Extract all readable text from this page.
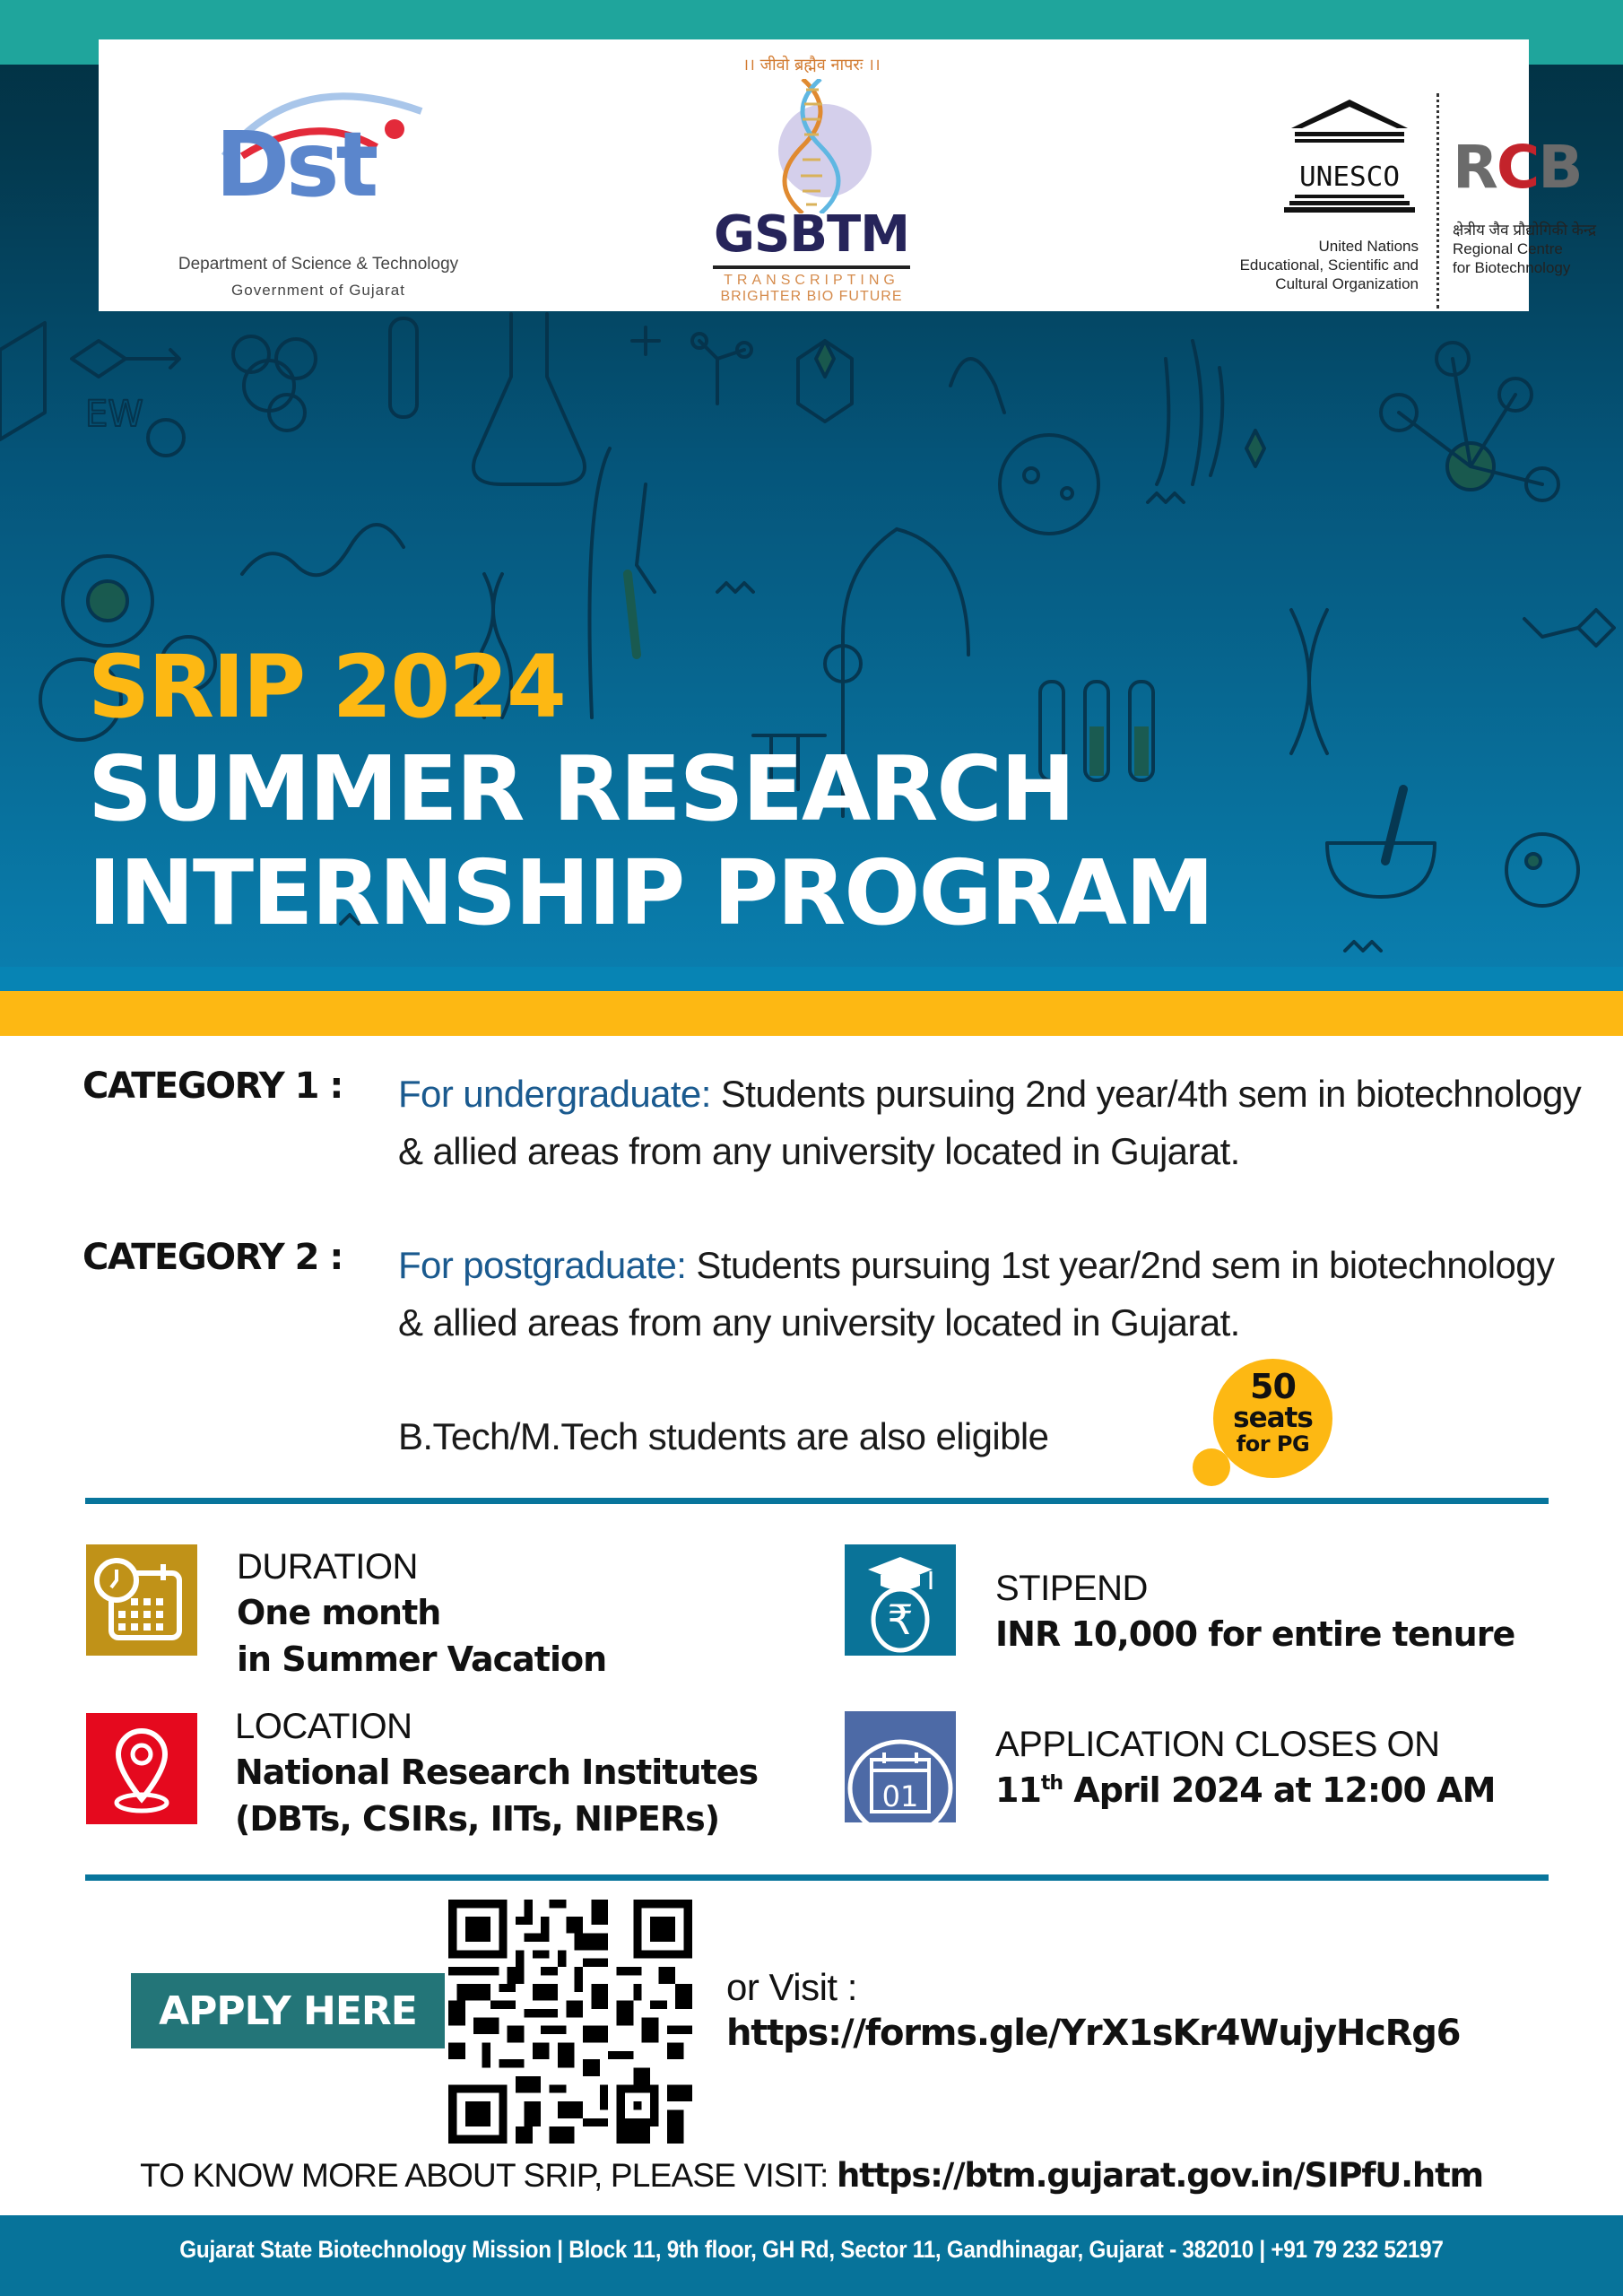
EW
Dst
Department of Science & Technology
Government of Gujarat
।। जीवो ब्रह्मैव नापरः ।।
GSBTM
TRANSCRIPTING
BRIGHTER BIO FUTURE
UNESCO
United Nations
Educational, Scientific and
Cultural Organization
RCB
क्षेत्रीय जैव प्रौद्योगिकी केन्द्र
Regional Centre
for Biotechnology
SRIP 2024
SUMMER RESEARCH
INTERNSHIP PROGRAM
CATEGORY 1 : For undergraduate: Students pursuing 2nd year/4th sem in biotechnology & allied areas from any university located in Gujarat.
CATEGORY 2 : For postgraduate: Students pursuing 1st year/2nd sem in biotechnology & allied areas from any university located in Gujarat.
B.Tech/M.Tech students are also eligible
50
seats
for PG
DURATION
One month
in Summer Vacation
₹
STIPEND
INR 10,000 for entire tenure
LOCATION
National Research Institutes
(DBTs, CSIRs, IITs, NIPERs)
01
APPLICATION CLOSES ON
11th April 2024 at 12:00 AM
APPLY HERE
or Visit :
https://forms.gle/YrX1sKr4WujyHcRg6
TO KNOW MORE ABOUT SRIP, PLEASE VISIT: https://btm.gujarat.gov.in/SIPfU.htm
Gujarat State Biotechnology Mission | Block 11, 9th floor, GH Rd, Sector 11, Gandhinagar, Gujarat - 382010 | +91 79 232 52197
